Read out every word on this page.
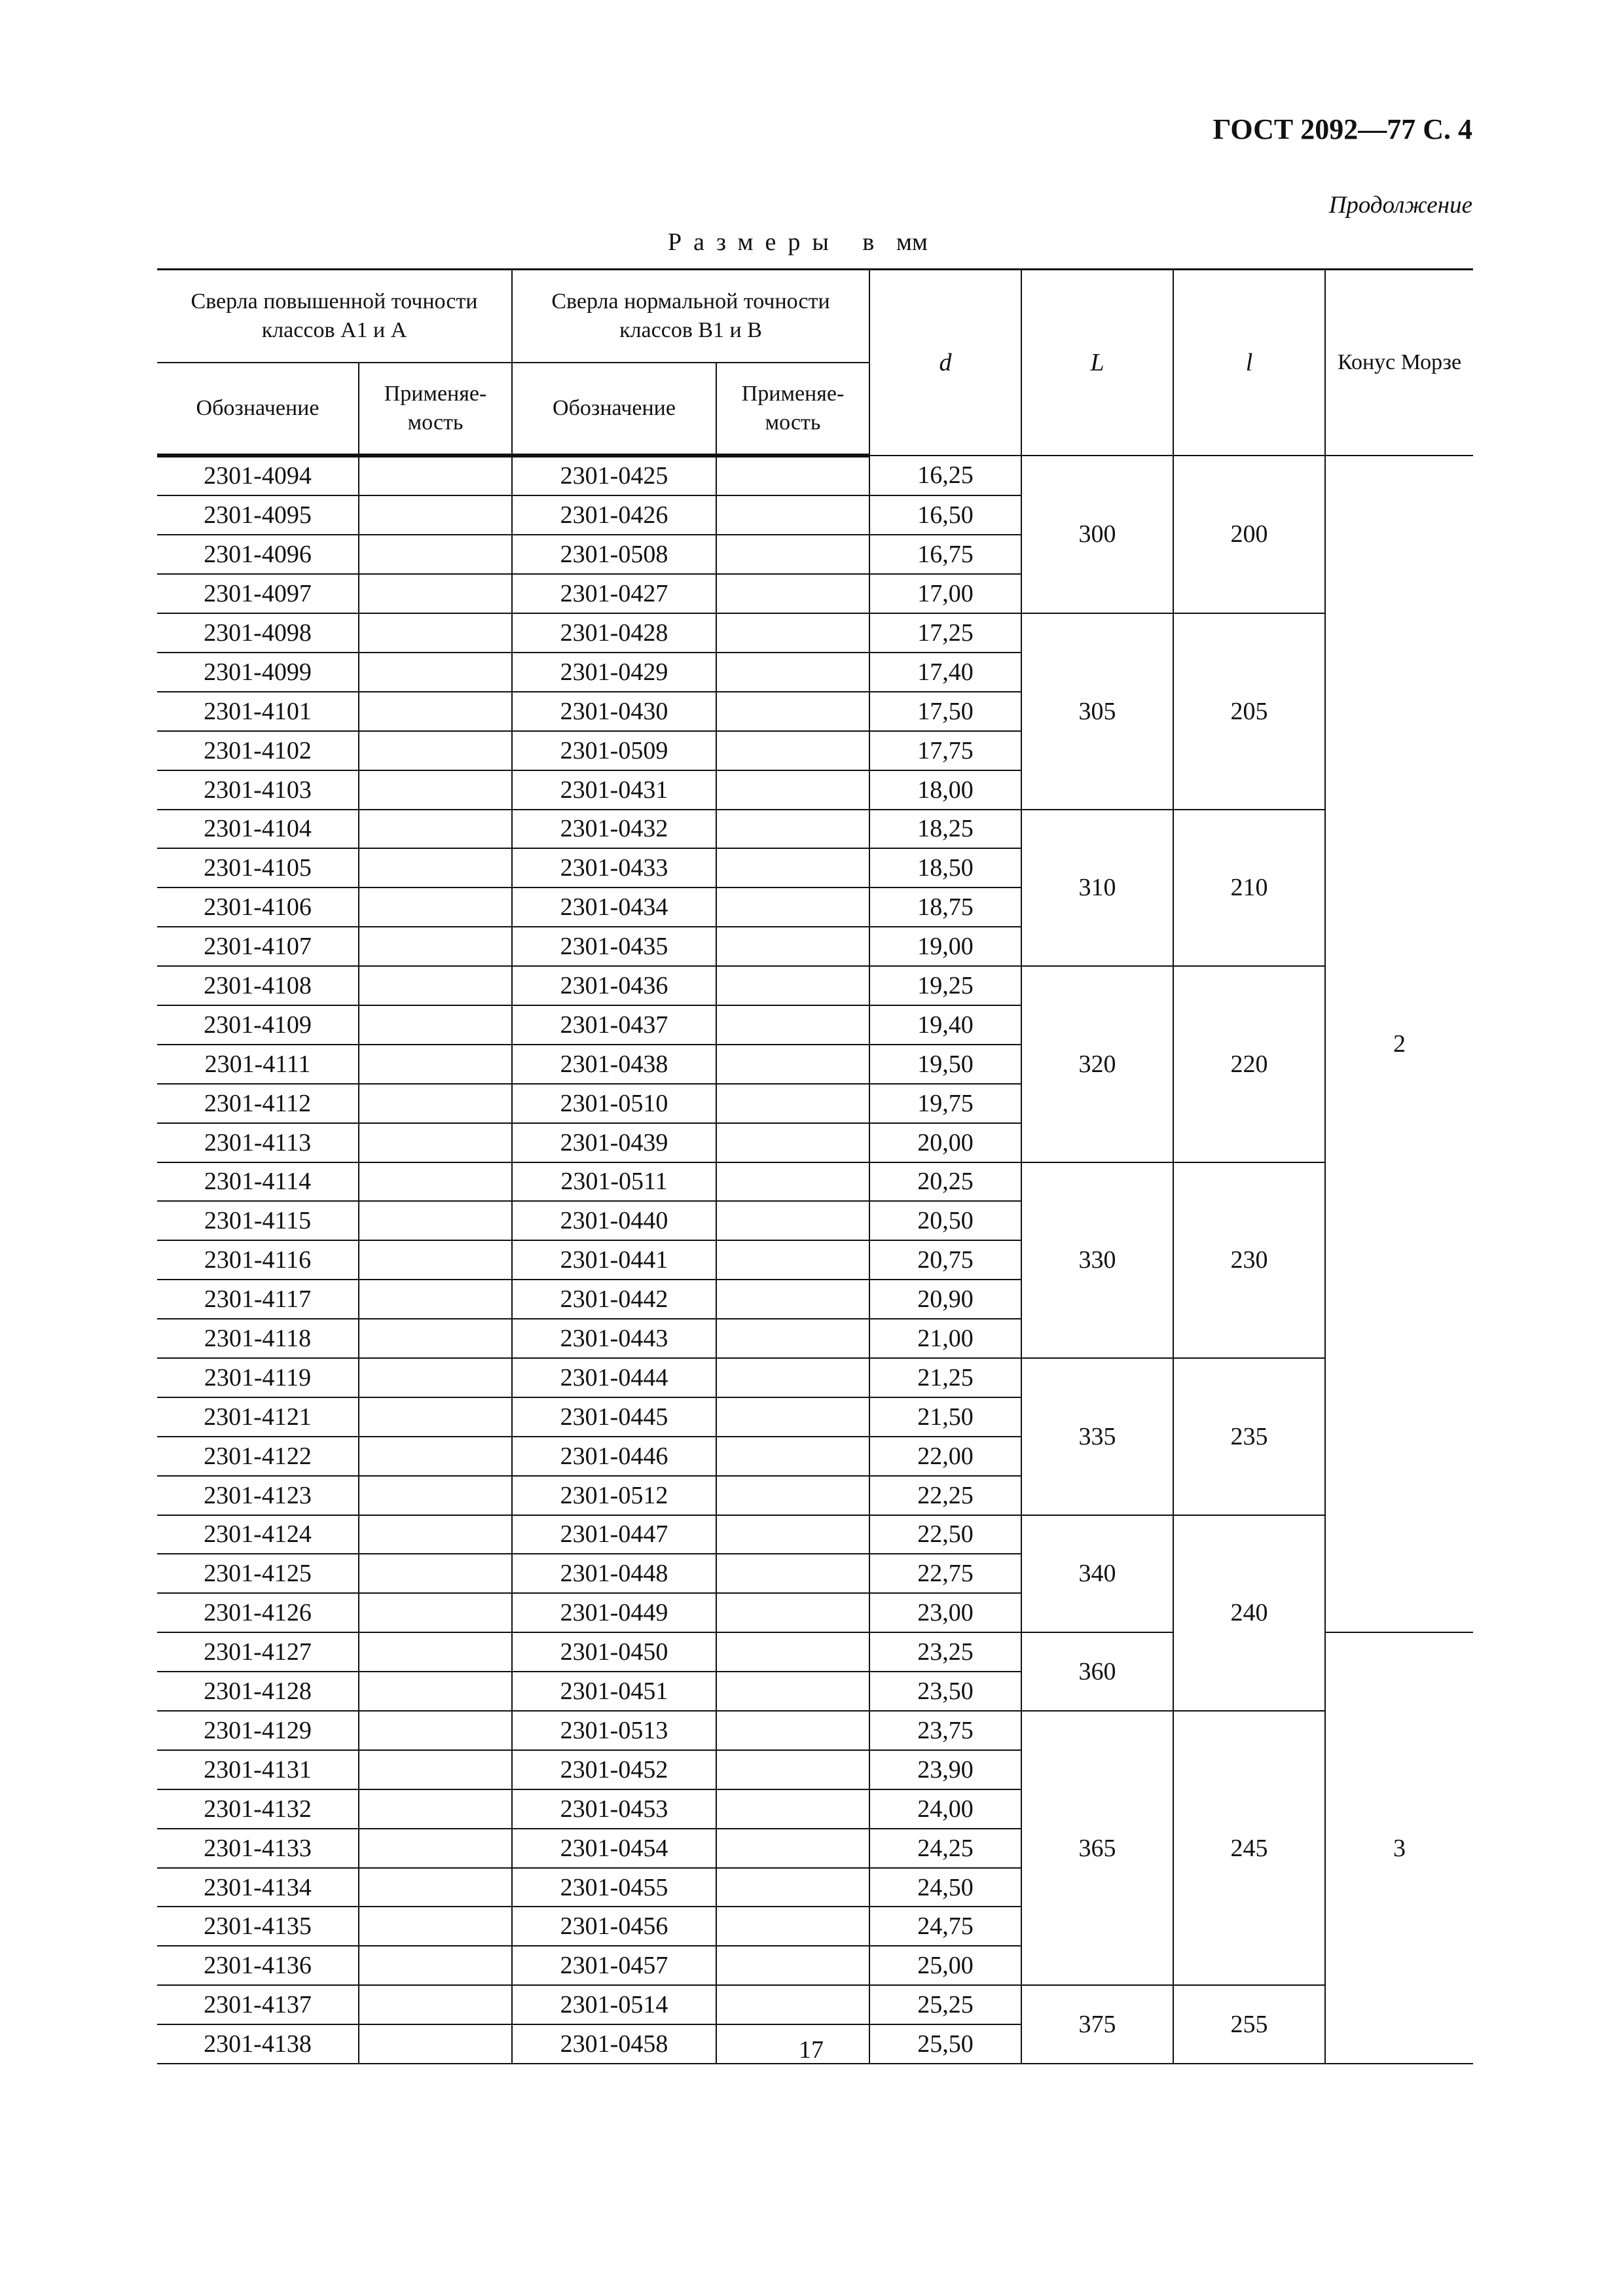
ГОСТ 2092—77 С. 4
Продолжение
Размеры в мм
Сверла повышенной точности классов А1 и А		Сверла нормальной точности классов В1 и В		d	L	l	Конус Морзе
Обозначение	Применяе-мость	Обозначение	Применяе-мость				
2301-4094		2301-0425		16,25	300	200	2
2301-4095		2301-0426		16,50			
2301-4096		2301-0508		16,75			
2301-4097		2301-0427		17,00			
2301-4098		2301-0428		17,25	305	205	
2301-4099		2301-0429		17,40			
2301-4101		2301-0430		17,50			
2301-4102		2301-0509		17,75			
2301-4103		2301-0431		18,00			
2301-4104		2301-0432		18,25	310	210	
2301-4105		2301-0433		18,50			
2301-4106		2301-0434		18,75			
2301-4107		2301-0435		19,00			
2301-4108		2301-0436		19,25	320	220	
2301-4109		2301-0437		19,40			
2301-4111		2301-0438		19,50			
2301-4112		2301-0510		19,75			
2301-4113		2301-0439		20,00			
2301-4114		2301-0511		20,25	330	230	
2301-4115		2301-0440		20,50			
2301-4116		2301-0441		20,75			
2301-4117		2301-0442		20,90			
2301-4118		2301-0443		21,00			
2301-4119		2301-0444		21,25	335	235	
2301-4121		2301-0445		21,50			
2301-4122		2301-0446		22,00			
2301-4123		2301-0512		22,25			
2301-4124		2301-0447		22,50	340	240	
2301-4125		2301-0448		22,75			
2301-4126		2301-0449		23,00			
2301-4127		2301-0450		23,25	360		3
2301-4128		2301-0451		23,50			
2301-4129		2301-0513		23,75	365	245	
2301-4131		2301-0452		23,90			
2301-4132		2301-0453		24,00			
2301-4133		2301-0454		24,25			
2301-4134		2301-0455		24,50			
2301-4135		2301-0456		24,75			
2301-4136		2301-0457		25,00			
2301-4137		2301-0514		25,25	375	255	
2301-4138		2301-0458		25,50			
17
